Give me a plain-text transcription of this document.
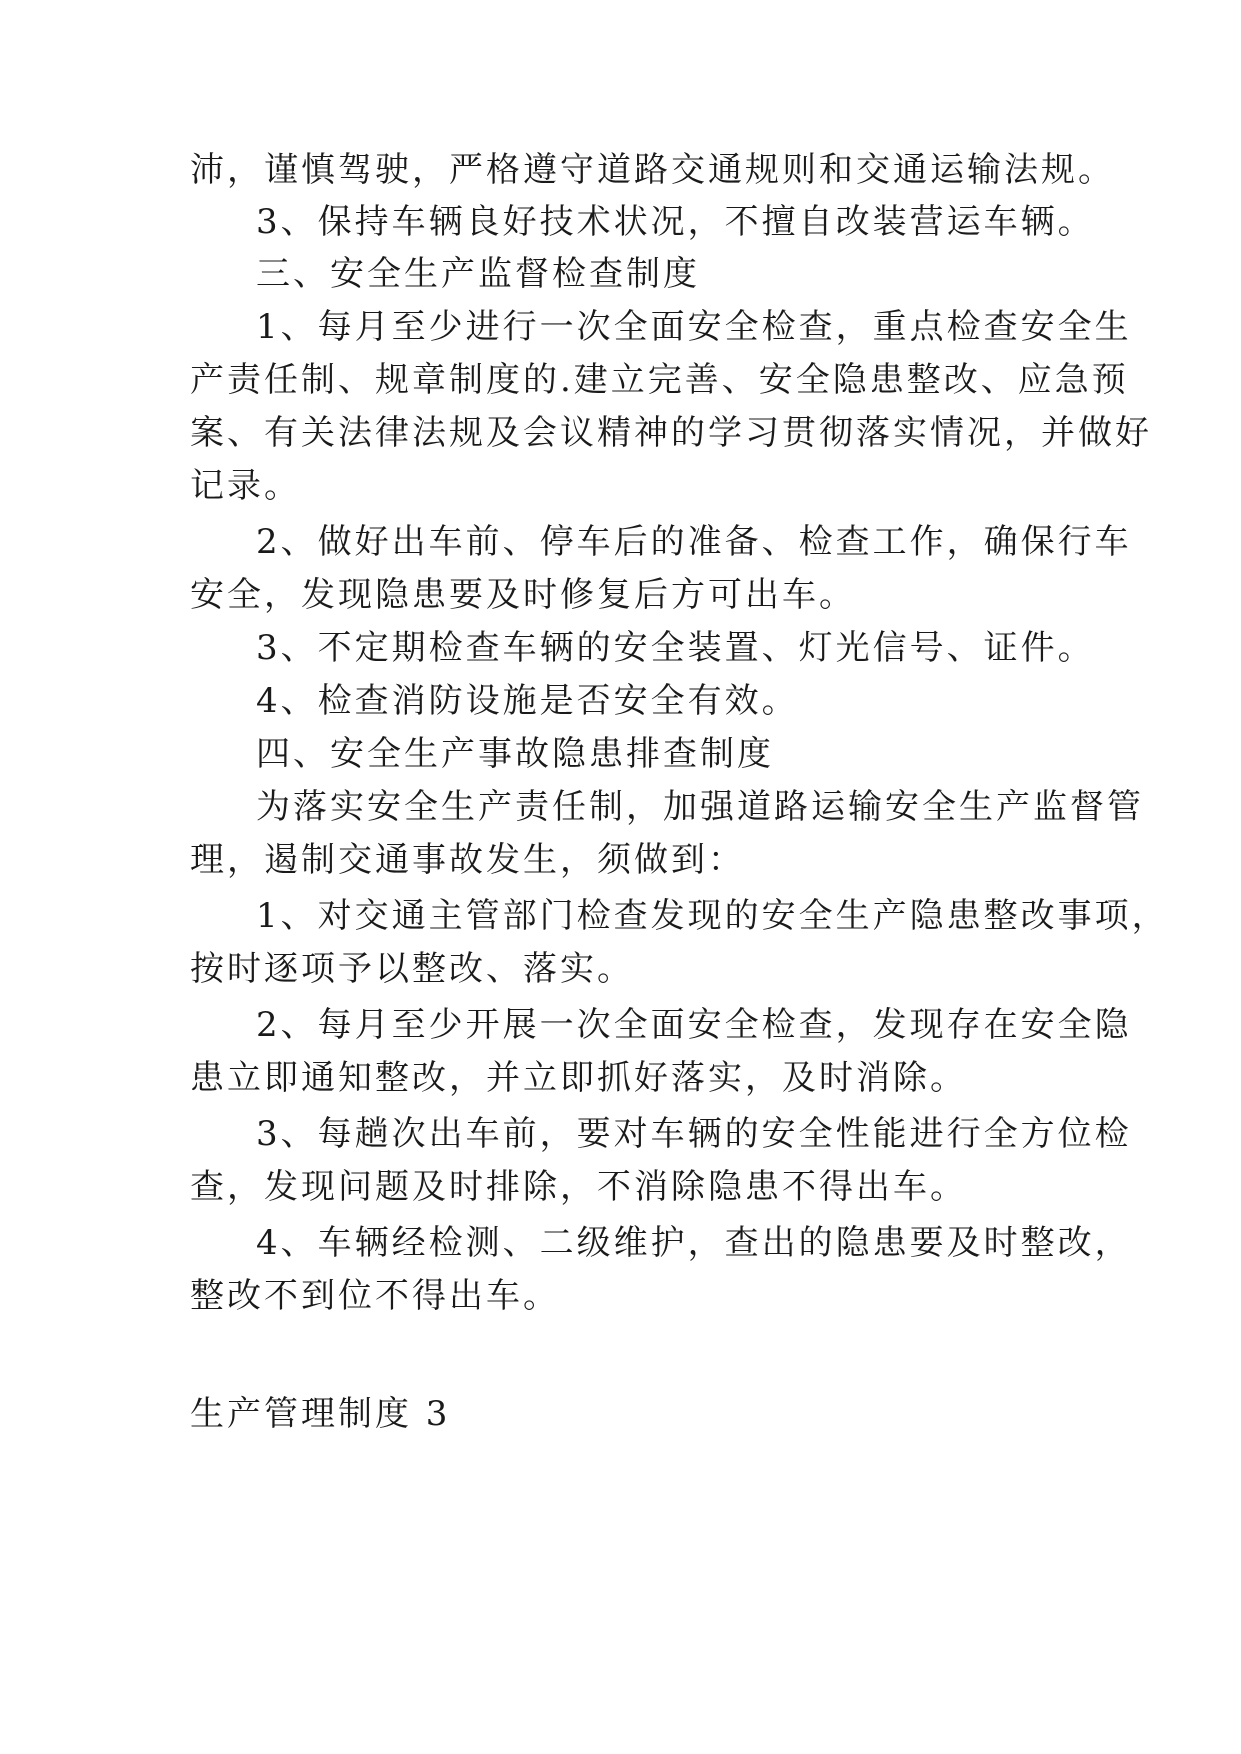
沛，谨慎驾驶，严格遵守道路交通规则和交通运输法规。
3、保持车辆良好技术状况，不擅自改装营运车辆。
三、安全生产监督检查制度
1、每月至少进行一次全面安全检查，重点检查安全生
产责任制、规章制度的.建立完善、安全隐患整改、应急预
案、有关法律法规及会议精神的学习贯彻落实情况，并做好
记录。
2、做好出车前、停车后的准备、检查工作，确保行车
安全，发现隐患要及时修复后方可出车。
3、不定期检查车辆的安全装置、灯光信号、证件。
4、检查消防设施是否安全有效。
四、安全生产事故隐患排查制度
为落实安全生产责任制，加强道路运输安全生产监督管
理，遏制交通事故发生，须做到：
1、对交通主管部门检查发现的安全生产隐患整改事项，
按时逐项予以整改、落实。
2、每月至少开展一次全面安全检查，发现存在安全隐
患立即通知整改，并立即抓好落实，及时消除。
3、每趟次出车前，要对车辆的安全性能进行全方位检
查，发现问题及时排除，不消除隐患不得出车。
4、车辆经检测、二级维护，查出的隐患要及时整改，
整改不到位不得出车。
生产管理制度 3
